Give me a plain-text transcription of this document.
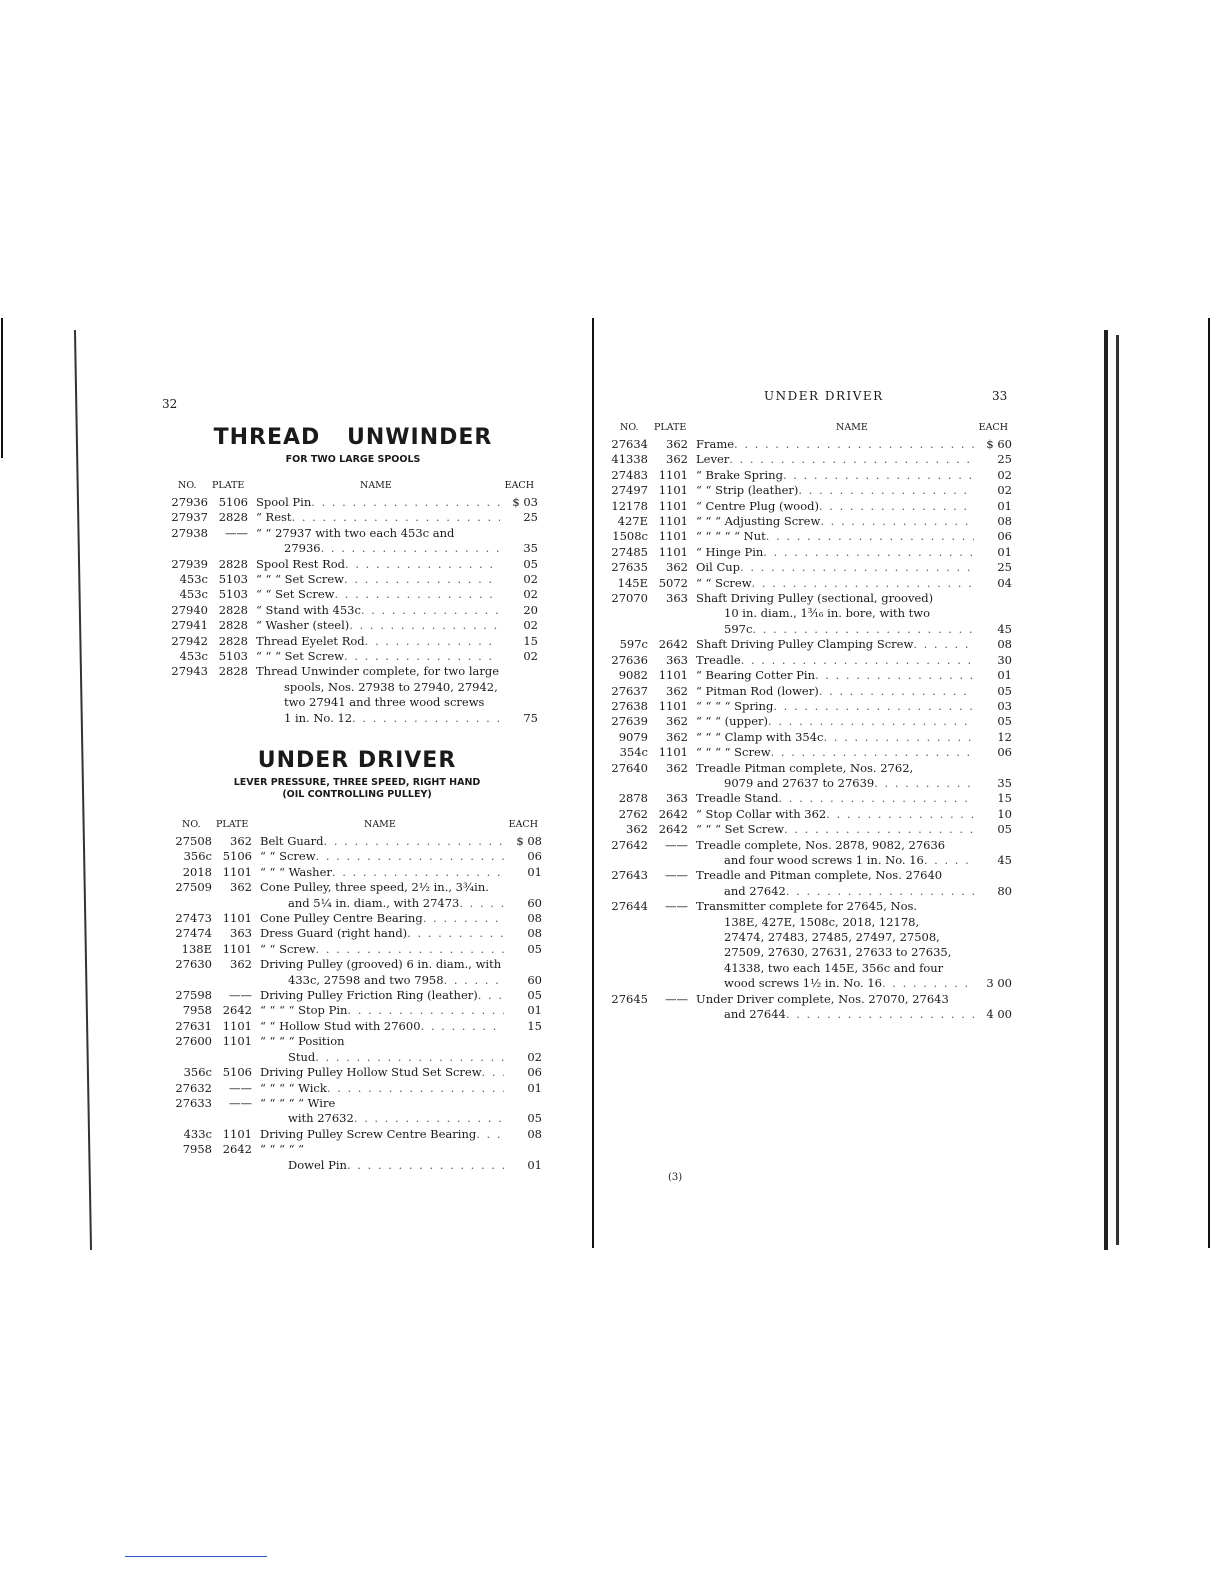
32
THREAD UNWINDER
FOR TWO LARGE SPOOLS
NO. PLATE	NAME	EACH
27936 5106 Spool Pin . . .	$ 03
27937 2828 “ Rest . . .	25
27938	—— “ “ 27937 with two each 453c and
27936 . . .	35
27939 2828 Spool Rest Rod . . .	05
453c 5103 “ “ “ Set Screw . . .	02
453c 5103 “ “ Set Screw . . .	02
27940 2828 “ Stand with 453c . . .	20
27941 2828 “ Washer (steel) . . .	02
27942 2828 Thread Eyelet Rod . . .	15
453c 5103 “ “ “ Set Screw . . .	02
27943 2828 Thread Unwinder complete, for two large
spools, Nos. 27938 to 27940, 27942,
two 27941 and three wood screws
1 in. No. 12 . . .	75
UNDER DRIVER
LEVER PRESSURE, THREE SPEED, RIGHT HAND
(OIL CONTROLLING PULLEY)
NO. PLATE	NAME	EACH
27508	362 Belt Guard . . .	$ 08
356c 5106 “ “ Screw . . .	06
2018 1101 “ “ “ Washer . . .	01
27509	362 Cone Pulley, three speed, 2½ in., 3¾in.
and 5¼ in. diam., with 27473 . . .	60
27473 1101 Cone Pulley Centre Bearing . . .	08
27474	363 Dress Guard (right hand) . . .	08
138E 1101 “ “ Screw . . .	05
27630	362 Driving Pulley (grooved) 6 in. diam., with
433c, 27598 and two 7958 . . .	60
27598	—— Driving Pulley Friction Ring (leather) . . .	05
7958 2642 “ “ “ “ Stop Pin . . .	01
27631 1101 “ “ Hollow Stud with 27600 . . .	15
27600 1101 “ “ “ “ Position
Stud . . .	02
356c 5106 Driving Pulley Hollow Stud Set Screw . . .	06
27632	—— “ “ “ “ Wick . . .	01
27633	—— “ “ “ “ “ Wire
with 27632 . . .	05
433c 1101 Driving Pulley Screw Centre Bearing . . .	08
7958 2642 “ “ “ “ “
Dowel Pin . . .	01
UNDER DRIVER	33
NO. PLATE	NAME	EACH
27634	362 Frame . . .	$ 60
41338	362 Lever . . .	25
27483 1101 “ Brake Spring . . .	02
27497 1101 “ “ Strip (leather) . . .	02
12178 1101 “ Centre Plug (wood) . . .	01
427E 1101 “ “ “ Adjusting Screw . . .	08
1508c 1101 “ “ “ “ “ Nut . . .	06
27485 1101 “ Hinge Pin . . .	01
27635	362 Oil Cup . . .	25
145E 5072 “ “ Screw . . .	04
27070	363 Shaft Driving Pulley (sectional, grooved)
10 in. diam., 1³⁄₁₆ in. bore, with two
597c . . .	45
597c 2642 Shaft Driving Pulley Clamping Screw . . .	08
27636	363 Treadle . . .	30
9082 1101 “ Bearing Cotter Pin . . .	01
27637	362 “ Pitman Rod (lower) . . .	05
27638 1101 “ “ “ “ Spring . . .	03
27639	362 “ “ “ (upper) . . .	05
9079	362 “ “ “ Clamp with 354c . . .	12
354c 1101 “ “ “ “ Screw . . .	06
27640	362 Treadle Pitman complete, Nos. 2762,
9079 and 27637 to 27639 . . .	35
2878	363 Treadle Stand . . .	15
2762 2642 “ Stop Collar with 362 . . .	10
362 2642 “ “ “ Set Screw . . .	05
27642	—— Treadle complete, Nos. 2878, 9082, 27636
and four wood screws 1 in. No. 16 . . .	45
27643	—— Treadle and Pitman complete, Nos. 27640
and 27642 . . .	80
27644	—— Transmitter complete for 27645, Nos.
138E, 427E, 1508c, 2018, 12178,
27474, 27483, 27485, 27497, 27508,
27509, 27630, 27631, 27633 to 27635,
41338, two each 145E, 356c and four
wood screws 1½ in. No. 16 . . .	3 00
27645	—— Under Driver complete, Nos. 27070, 27643
and 27644 . . .	4 00
(3)
